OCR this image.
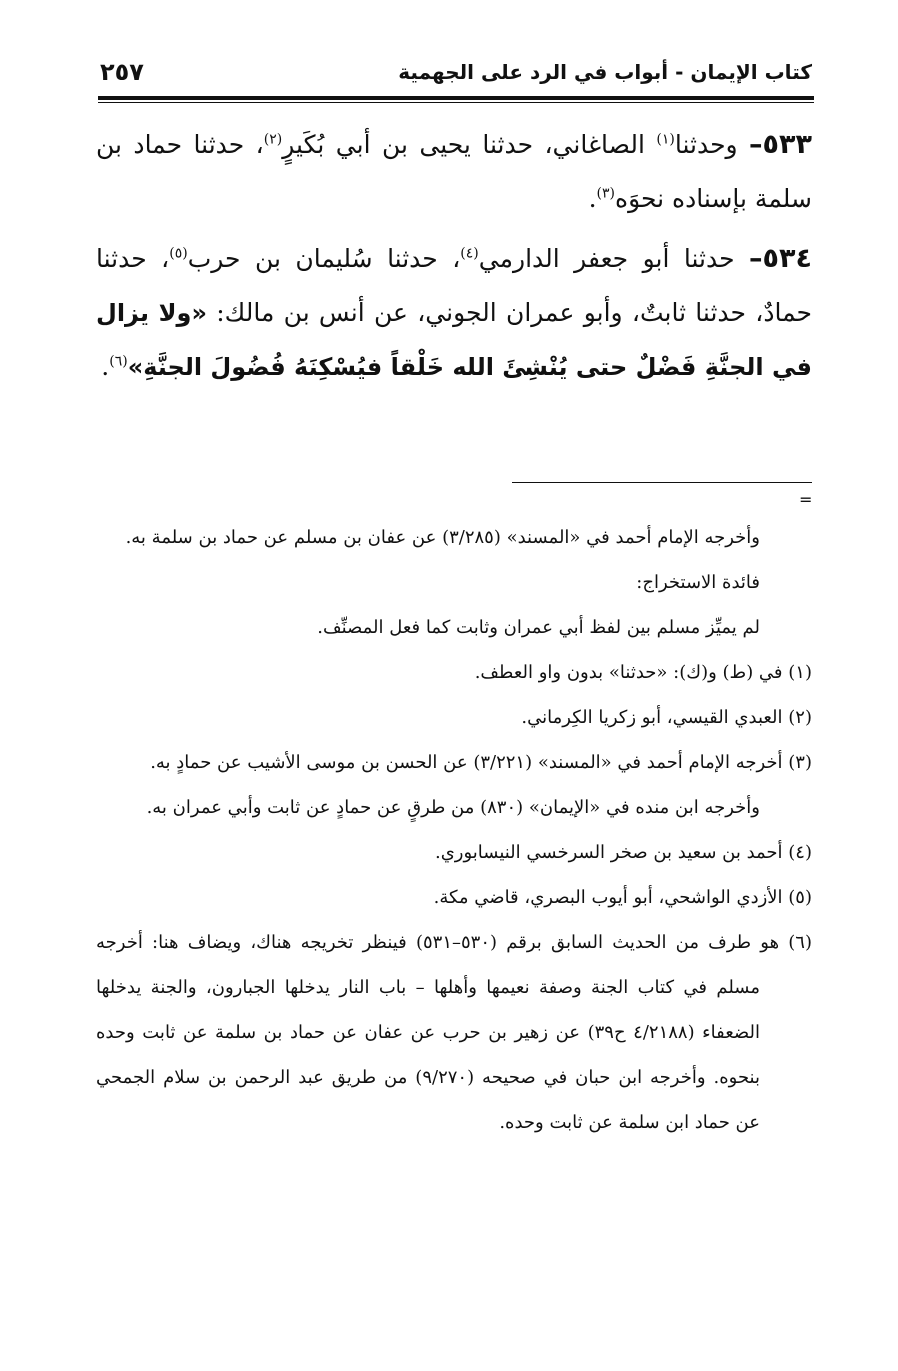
كتاب الإيمان - أبواب في الرد على الجهمية
٢٥٧

٥٣٣– وحدثنا$^{(١)}$ الصاغاني، حدثنا يحيى بن أبي بُكَيرٍ$^{(٢)}$، حدثنا حماد بن سلمة بإسناده نحوَه$^{(٣)}$.

٥٣٤– حدثنا أبو جعفر الدارمي$^{(٤)}$، حدثنا سُليمان بن حرب$^{(٥)}$، حدثنا حمادٌ، حدثنا ثابتٌ، وأبو عمران الجوني، عن أنس بن مالك: «ولا يزال في الجنَّةِ فَضْلٌ حتى يُنْشِئَ الله خَلْقاً فيُسْكِنَهُ فُضُولَ الجنَّةِ»$^{(٦)}$.

=

وأخرجه الإمام أحمد في «المسند» (٣/٢٨٥) عن عفان بن مسلم عن حماد بن سلمة به.

فائدة الاستخراج:

لم يميِّز مسلم بين لفظ أبي عمران وثابت كما فعل المصنِّف.

(١) في (ط) و(ك): «حدثنا» بدون واو العطف.

(٢) العبدي القيسي، أبو زكريا الكِرماني.

(٣) أخرجه الإمام أحمد في «المسند» (٣/٢٢١) عن الحسن بن موسى الأشيب عن حمادٍ به.

وأخرجه ابن منده في «الإيمان» (٨٣٠) من طرقٍ عن حمادٍ عن ثابت وأبي عمران به.

(٤) أحمد بن سعيد بن صخر السرخسي النيسابوري.

(٥) الأزدي الواشحي، أبو أيوب البصري، قاضي مكة.

(٦) هو طرف من الحديث السابق برقم (٥٣٠–٥٣١) فينظر تخريجه هناك، ويضاف هنا: أخرجه مسلم في كتاب الجنة وصفة نعيمها وأهلها – باب النار يدخلها الجبارون، والجنة يدخلها الضعفاء (٤/٢١٨٨ ح٣٩) عن زهير بن حرب عن عفان عن حماد بن سلمة عن ثابت وحده بنحوه. وأخرجه ابن حبان في صحيحه (٩/٢٧٠) من طريق عبد الرحمن بن سلام الجمحي عن حماد ابن سلمة عن ثابت وحده.
